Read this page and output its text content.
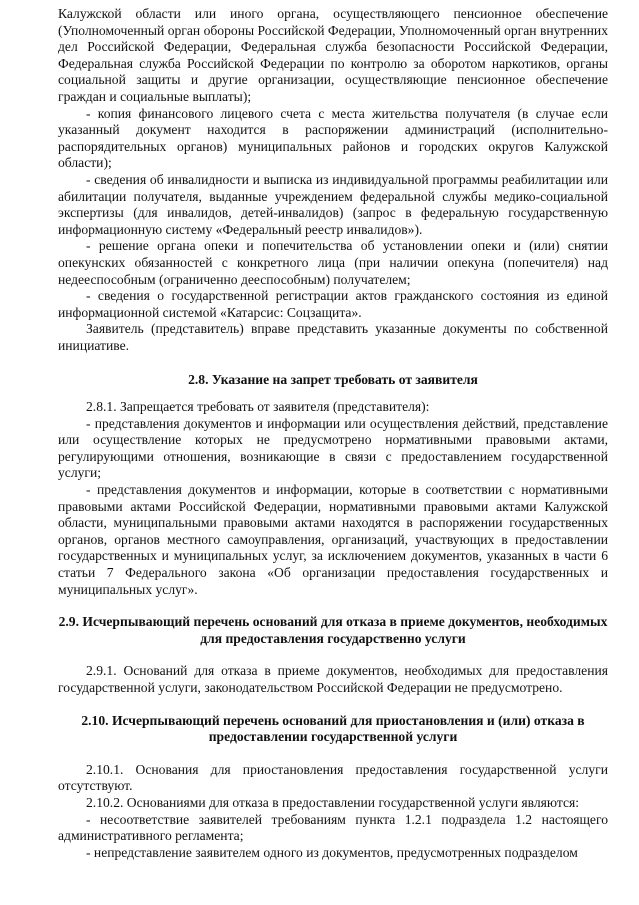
Калужской области или иного органа, осуществляющего пенсионное обеспечение (Уполномоченный орган обороны Российской Федерации, Уполномоченный орган внутренних дел Российской Федерации, Федеральная служба безопасности Российской Федерации, Федеральная служба Российской Федерации по контролю за оборотом наркотиков, органы социальной защиты и другие организации, осуществляющие пенсионное обеспечение граждан и социальные выплаты);
- копия финансового лицевого счета с места жительства получателя (в случае если указанный документ находится в распоряжении администраций (исполнительно-распорядительных органов) муниципальных районов и городских округов Калужской области);
- сведения об инвалидности и выписка из индивидуальной программы реабилитации или абилитации получателя, выданные учреждением федеральной службы медико-социальной экспертизы (для инвалидов, детей-инвалидов) (запрос в федеральную государственную информационную систему «Федеральный реестр инвалидов»).
- решение органа опеки и попечительства об установлении опеки и (или) снятии опекунских обязанностей с конкретного лица (при наличии опекуна (попечителя) над недееспособным (ограниченно дееспособным) получателем;
- сведения о государственной регистрации актов гражданского состояния из единой информационной системой «Катарсис: Соцзащита».
Заявитель (представитель) вправе представить указанные документы по собственной инициативе.
2.8. Указание на запрет требовать от заявителя
2.8.1. Запрещается требовать от заявителя (представителя):
- представления документов и информации или осуществления действий, представление или осуществление которых не предусмотрено нормативными правовыми актами, регулирующими отношения, возникающие в связи с предоставлением государственной услуги;
- представления документов и информации, которые в соответствии с нормативными правовыми актами Российской Федерации, нормативными правовыми актами Калужской области, муниципальными правовыми актами находятся в распоряжении государственных органов, органов местного самоуправления, организаций, участвующих в предоставлении государственных и муниципальных услуг, за исключением документов, указанных в части 6 статьи 7 Федерального закона «Об организации предоставления государственных и муниципальных услуг».
2.9. Исчерпывающий перечень оснований для отказа в приеме документов, необходимых для предоставления государственно услуги
2.9.1. Оснований для отказа в приеме документов, необходимых для предоставления государственной услуги, законодательством Российской Федерации не предусмотрено.
2.10. Исчерпывающий перечень оснований для приостановления и (или) отказа в предоставлении государственной услуги
2.10.1. Основания для приостановления предоставления государственной услуги отсутствуют.
2.10.2. Основаниями для отказа в предоставлении государственной услуги являются:
- несоответствие заявителей требованиям пункта 1.2.1 подраздела 1.2 настоящего административного регламента;
- непредставление заявителем одного из документов, предусмотренных подразделом
